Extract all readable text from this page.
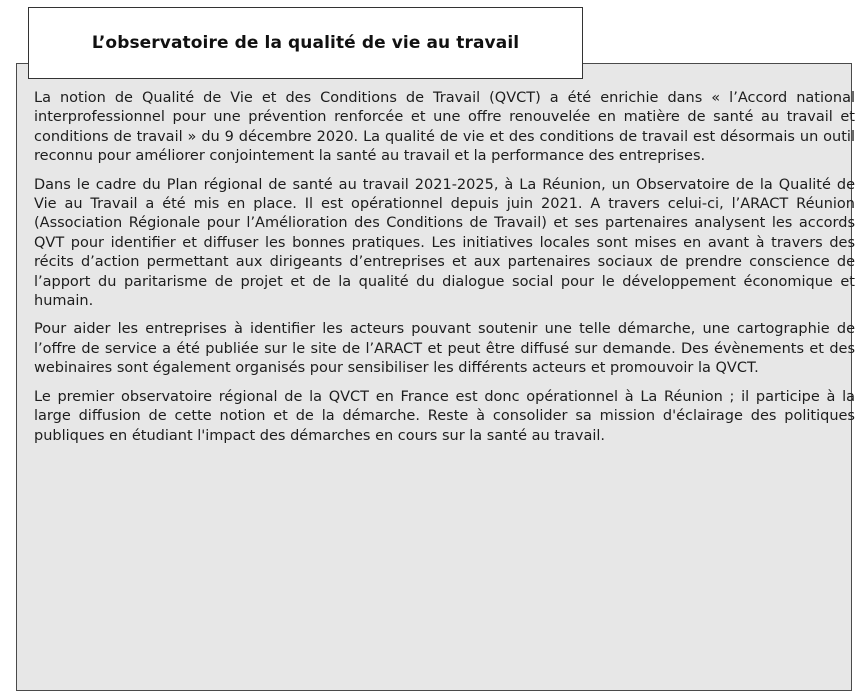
L’observatoire de la qualité de vie au travail

La notion de Qualité de Vie et des Conditions de Travail (QVCT) a été enrichie dans « l’Accord national interprofessionnel pour une prévention renforcée et une offre renouvelée en matière de santé au travail et conditions de travail » du 9 décembre 2020. La qualité de vie et des conditions de travail est désormais un outil reconnu pour améliorer conjointement la santé au travail et la performance des entreprises.

Dans le cadre du Plan régional de santé au travail 2021-2025, à La Réunion, un Observatoire de la Qualité de Vie au Travail a été mis en place. Il est opérationnel depuis juin 2021. A travers celui-ci, l’ARACT Réunion (Association Régionale pour l’Amélioration des Conditions de Travail) et ses partenaires analysent les accords QVT pour identifier et diffuser les bonnes pratiques. Les initiatives locales sont mises en avant à travers des récits d’action permettant aux dirigeants d’entreprises et aux partenaires sociaux de prendre conscience de l’apport du paritarisme de projet et de la qualité du dialogue social pour le développement économique et humain.

Pour aider les entreprises à identifier les acteurs pouvant soutenir une telle démarche, une cartographie de l’offre de service a été publiée sur le site de l’ARACT et peut être diffusé sur demande. Des évènements et des webinaires sont également organisés pour sensibiliser les différents acteurs et promouvoir la QVCT.

Le premier observatoire régional de la QVCT en France est donc opérationnel à La Réunion ; il participe à la large diffusion de cette notion et de la démarche. Reste à consolider sa mission d'éclairage des politiques publiques en étudiant l'impact des démarches en cours sur la santé au travail.
